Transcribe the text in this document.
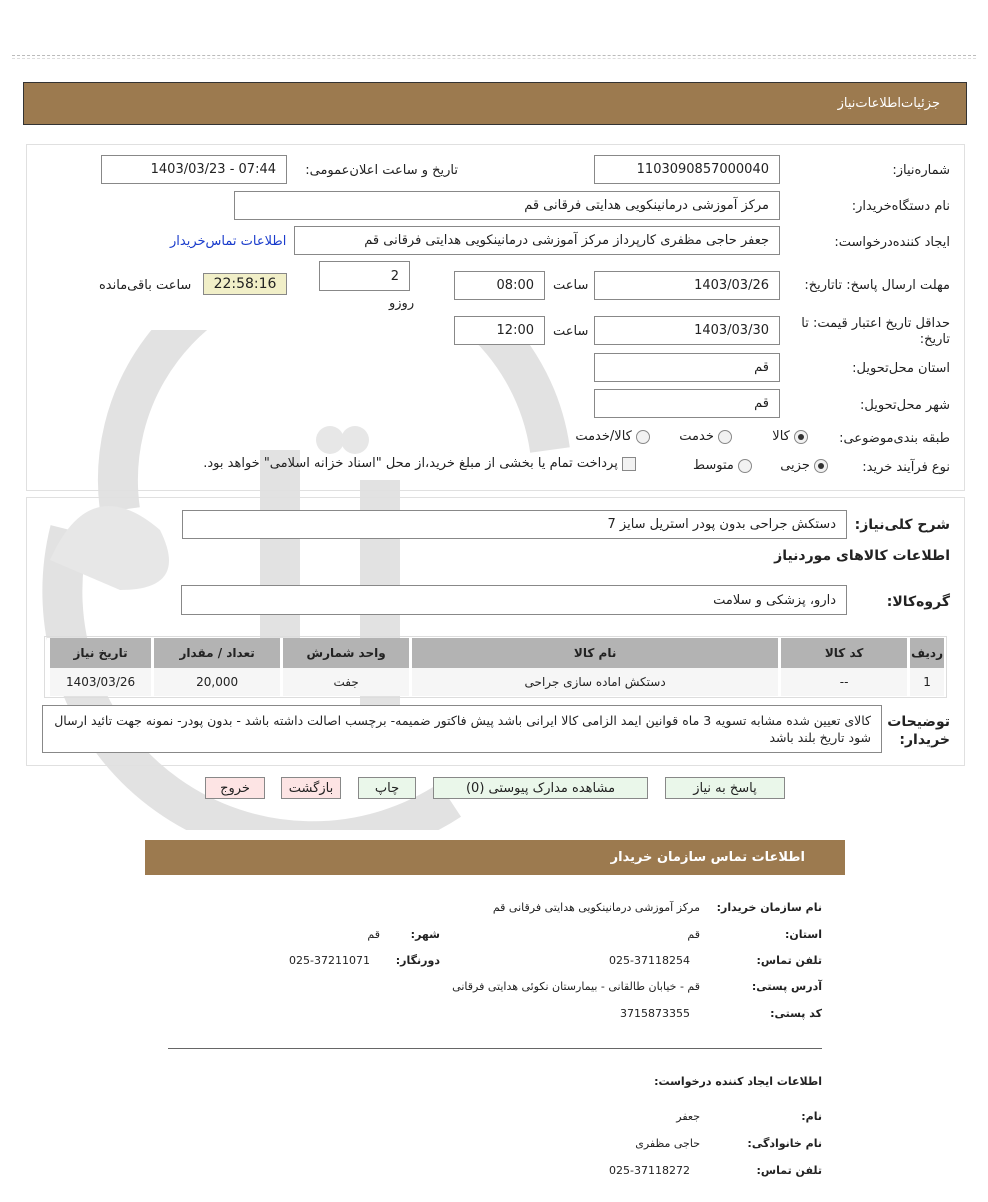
جزئیات‌اطلاعات‌نیاز
شماره‌نیاز:
1103090857000040
تاریخ و ساعت اعلان‌عمومی:
1403/03/23 - 07:44
نام دستگاه‌خریدار:
مرکز آموزشی درمانینکویی هدایتی فرقانی قم
ایجاد کننده‌درخواست:
جعفر حاجی مظفری کارپرداز مرکز آموزشی درمانینکویی هدایتی فرقانی قم
اطلاعات تماس‌خریدار
مهلت ارسال پاسخ: تاتاریخ:
1403/03/26
ساعت
08:00
2
روزو
22:58:16
ساعت باقی‌مانده
حداقل تاریخ اعتبار قیمت: تا تاریخ:
1403/03/30
ساعت
12:00
استان محل‌تحویل:
قم
شهر محل‌تحویل:
قم
طبقه بندی‌موضوعی:
کالا
خدمت
کالا/خدمت
نوع فرآیند خرید:
جزیی
متوسط
پرداخت تمام یا بخشی از مبلغ خرید،از محل "اسناد خزانه اسلامی" خواهد بود.
شرح کلی‌نیاز:
دستکش جراحی بدون پودر استریل سایز 7
اطلاعات کالاهای موردنیاز
گروه‌کالا:
دارو، پزشکی و سلامت
ردیف	کد کالا	نام کالا	واحد شمارش	تعداد / مقدار	تاریخ نیاز
1	--	دستکش اماده سازی جراحی	جفت	20,000	1403/03/26
توضیحات خریدار:
کالای تعیین شده مشابه تسویه 3 ماه قوانین ایمد الزامی کالا ایرانی باشد پیش فاکتور ضمیمه- برچسب اصالت داشته باشد - بدون پودر- نمونه جهت تائید ارسال شود تاریخ بلند باشد
پاسخ به نیاز
مشاهده مدارک پیوستی (0)
چاپ
بازگشت
خروج
اطلاعات تماس سازمان خریدار
نام سازمان خریدار:
مرکز آموزشی درمانینکویی هدایتی فرقانی قم
استان:
قم
شهر:
قم
تلفن تماس:
025-37118254
دورنگار:
025-37211071
آدرس پستی:
قم - خیابان طالقانی - بیمارستان نکوئی هدایتی فرقانی
کد پستی:
3715873355
اطلاعات ایجاد کننده درخواست:
نام:
جعفر
نام خانوادگی:
حاجی مظفری
تلفن تماس:
025-37118272
